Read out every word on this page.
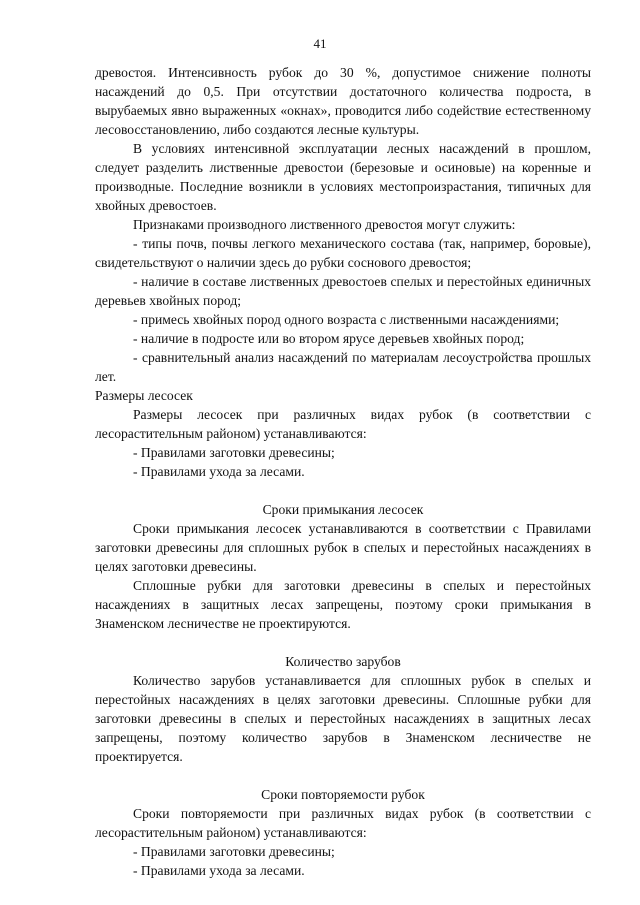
41

древостоя. Интенсивность рубок до 30 %, допустимое снижение полноты насаждений до 0,5. При отсутствии достаточного количества подроста, в вырубаемых явно выраженных «окнах», проводится либо содействие естественному лесовосстановлению, либо создаются лесные культуры.

В условиях интенсивной эксплуатации лесных насаждений в прошлом, следует разделить лиственные древостои (березовые и осиновые) на коренные и производные. Последние возникли в условиях местопроизрастания, типичных для хвойных древостоев.

Признаками производного лиственного древостоя могут служить:

- типы почв, почвы легкого механического состава (так, например, боровые), свидетельствуют о наличии здесь до рубки соснового древостоя;

- наличие в составе лиственных древостоев спелых и перестойных единичных деревьев хвойных пород;

- примесь хвойных пород одного возраста с лиственными насаждениями;

- наличие в подросте или во втором ярусе деревьев хвойных пород;

- сравнительный анализ насаждений по материалам лесоустройства прошлых лет.

Размеры лесосек

Размеры лесосек при различных видах рубок (в соответствии с лесорастительным районом) устанавливаются:

- Правилами заготовки древесины;

- Правилами ухода за лесами.

Сроки примыкания лесосек

Сроки примыкания лесосек устанавливаются в соответствии с Правилами заготовки древесины для сплошных рубок в спелых и перестойных насаждениях в целях заготовки древесины.

Сплошные рубки для заготовки древесины в спелых и перестойных насаждениях в защитных лесах запрещены, поэтому сроки примыкания в Знаменском лесничестве не проектируются.

Количество зарубов

Количество зарубов устанавливается для сплошных рубок в спелых и перестойных насаждениях в целях заготовки древесины. Сплошные рубки для заготовки древесины в спелых и перестойных насаждениях в защитных лесах запрещены, поэтому количество зарубов в Знаменском лесничестве не проектируется.

Сроки повторяемости рубок

Сроки повторяемости при различных видах рубок (в соответствии с лесорастительным районом) устанавливаются:

- Правилами заготовки древесины;

- Правилами ухода за лесами.
